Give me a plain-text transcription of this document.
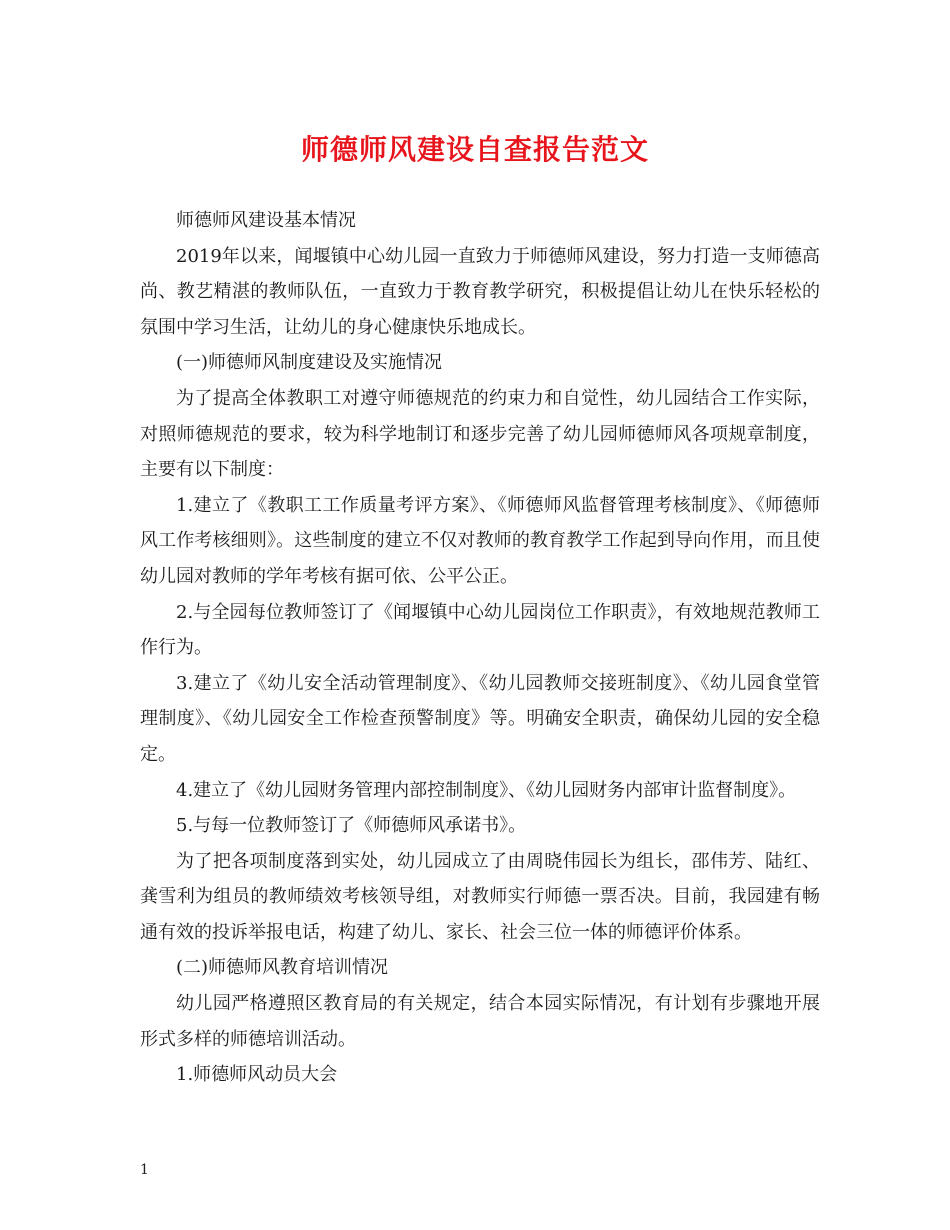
师德师风建设自查报告范文

师德师风建设基本情况

2019年以来，闻堰镇中心幼儿园一直致力于师德师风建设，努力打造一支师德高尚、教艺精湛的教师队伍，一直致力于教育教学研究，积极提倡让幼儿在快乐轻松的氛围中学习生活，让幼儿的身心健康快乐地成长。

(一)师德师风制度建设及实施情况

为了提高全体教职工对遵守师德规范的约束力和自觉性，幼儿园结合工作实际，对照师德规范的要求，较为科学地制订和逐步完善了幼儿园师德师风各项规章制度，主要有以下制度：

1.建立了《教职工工作质量考评方案》、《师德师风监督管理考核制度》、《师德师风工作考核细则》。这些制度的建立不仅对教师的教育教学工作起到导向作用，而且使幼儿园对教师的学年考核有据可依、公平公正。

2.与全园每位教师签订了《闻堰镇中心幼儿园岗位工作职责》，有效地规范教师工作行为。

3.建立了《幼儿安全活动管理制度》、《幼儿园教师交接班制度》、《幼儿园食堂管理制度》、《幼儿园安全工作检查预警制度》等。明确安全职责，确保幼儿园的安全稳定。

4.建立了《幼儿园财务管理内部控制制度》、《幼儿园财务内部审计监督制度》。

5.与每一位教师签订了《师德师风承诺书》。

为了把各项制度落到实处，幼儿园成立了由周晓伟园长为组长，邵伟芳、陆红、龚雪利为组员的教师绩效考核领导组，对教师实行师德一票否决。目前，我园建有畅通有效的投诉举报电话，构建了幼儿、家长、社会三位一体的师德评价体系。

(二)师德师风教育培训情况

幼儿园严格遵照区教育局的有关规定，结合本园实际情况，有计划有步骤地开展形式多样的师德培训活动。

1.师德师风动员大会

1
